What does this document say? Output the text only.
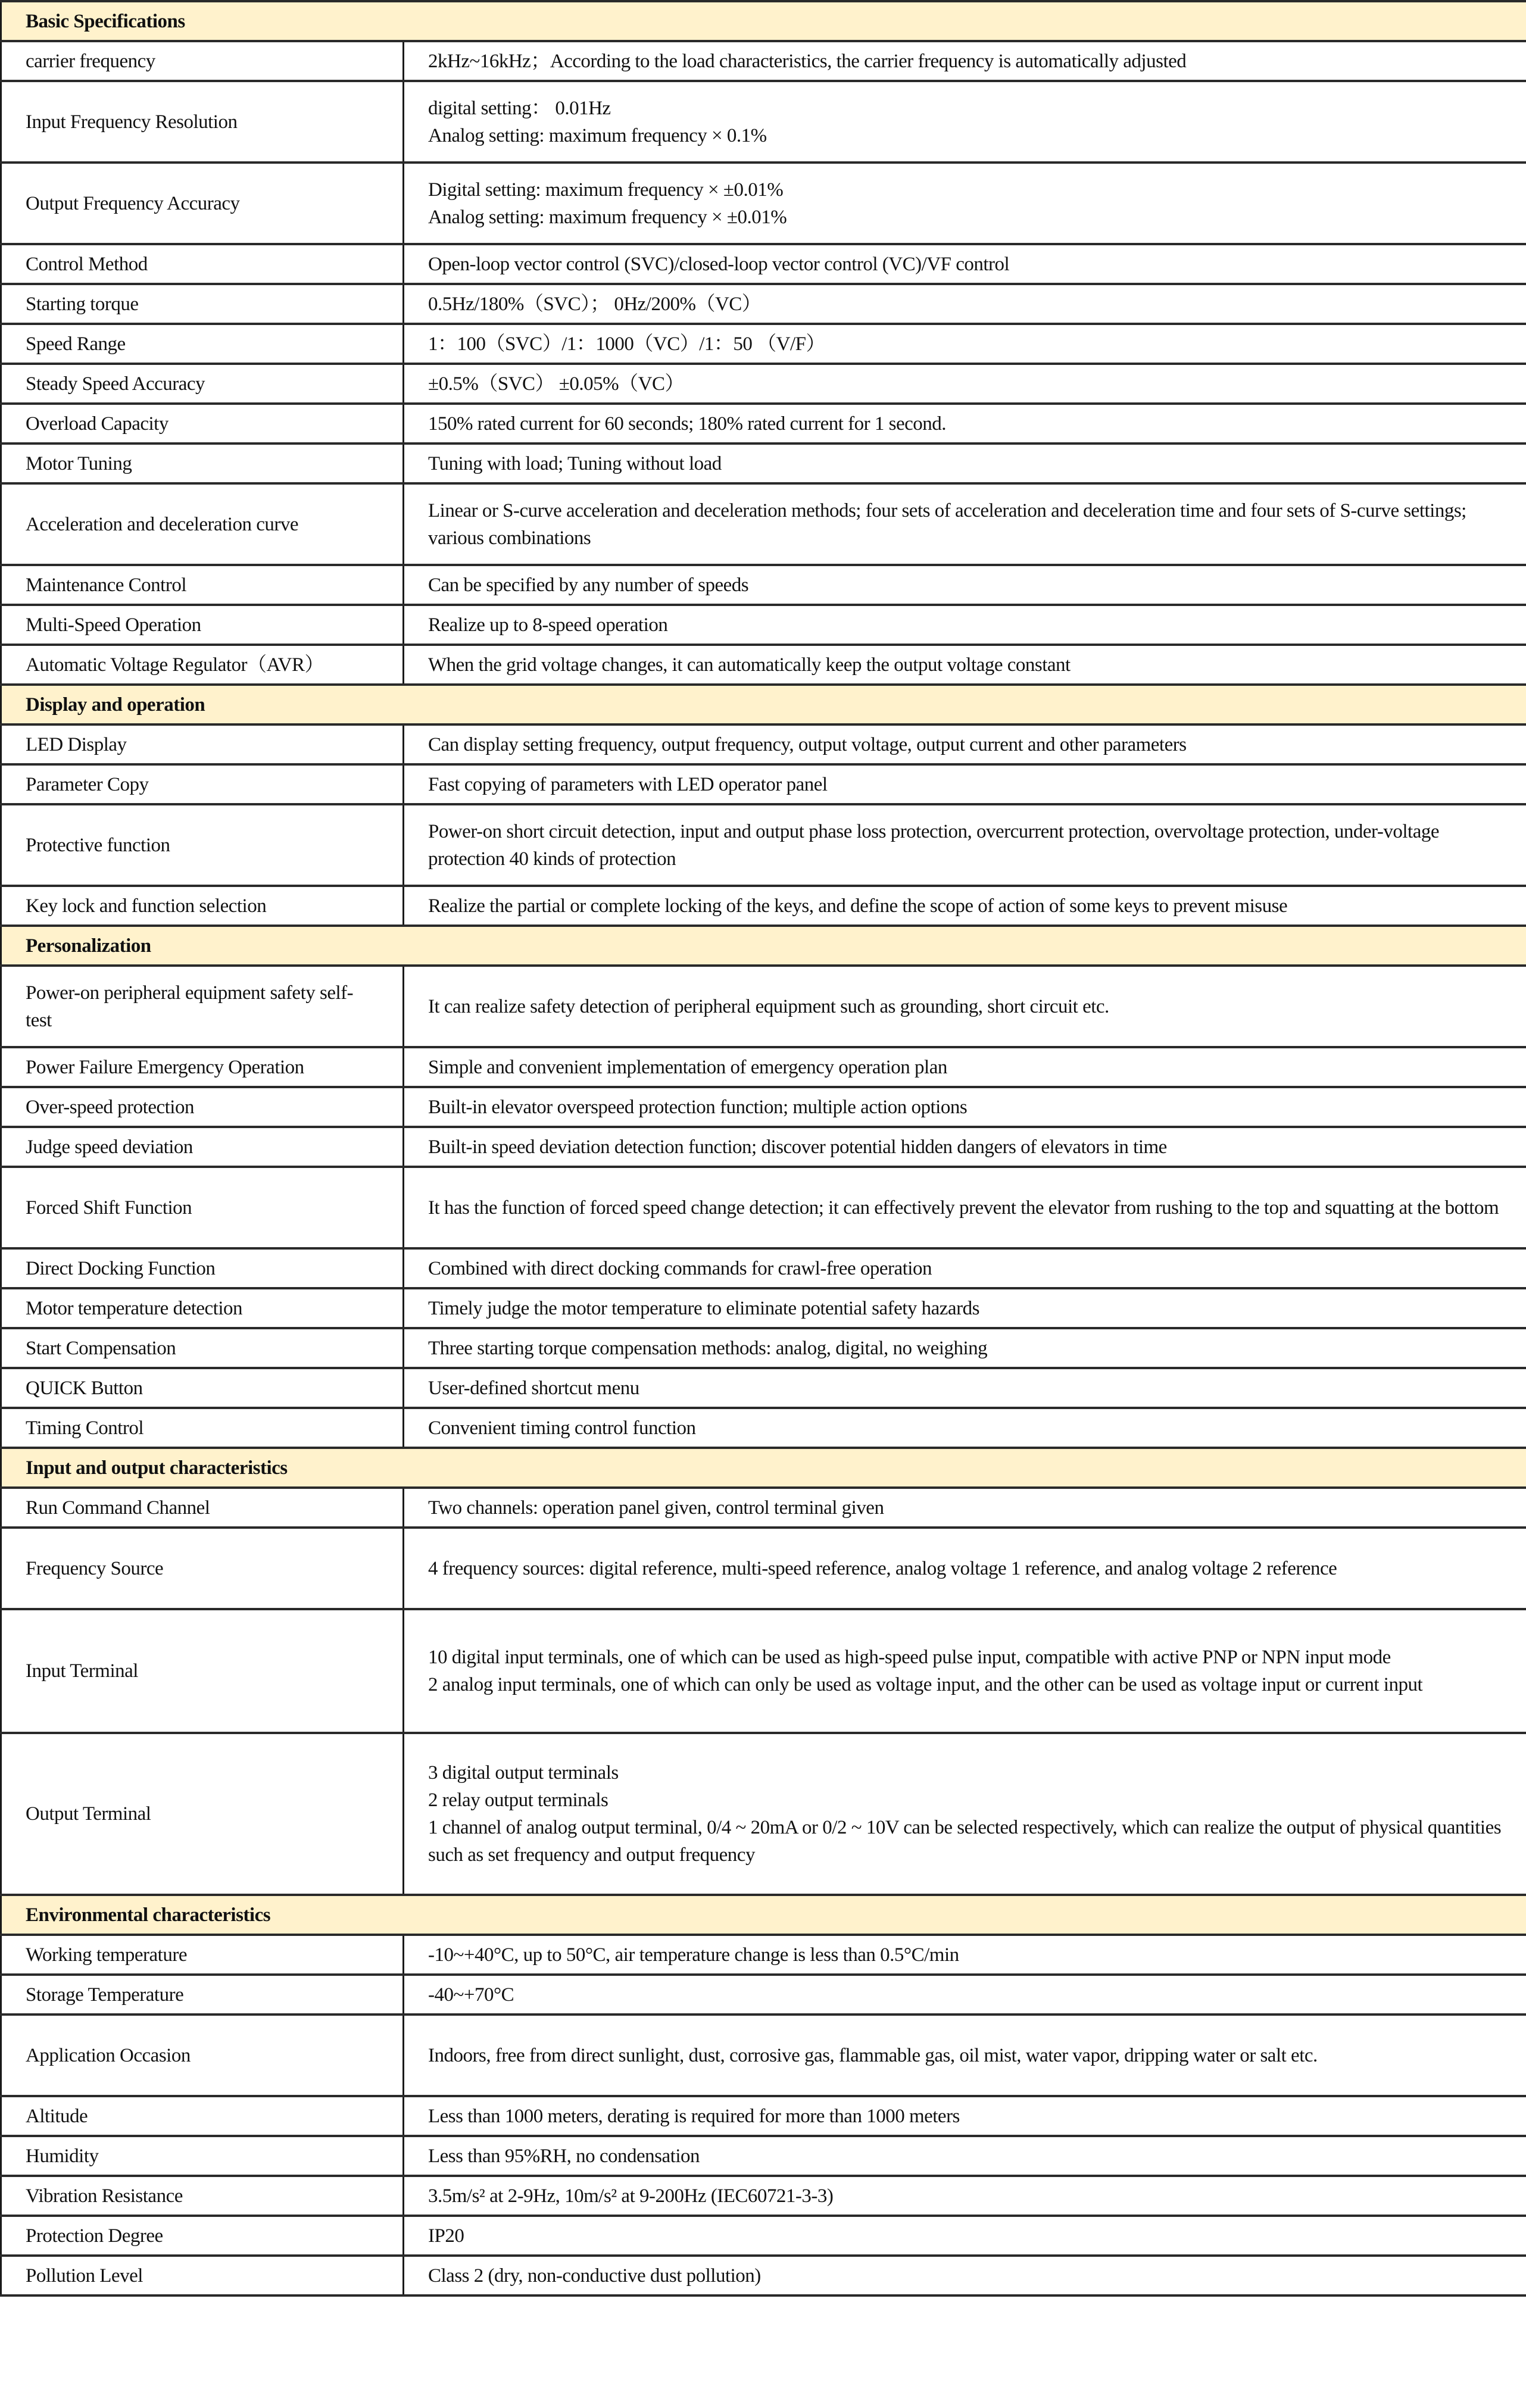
Basic Specifications	
carrier frequency	2kHz~16kHz；According to the load characteristics, the carrier frequency is automatically adjusted

Input Frequency Resolution	digital setting： 0.01Hz
Analog setting: maximum frequency × 0.1%

Output Frequency Accuracy	Digital setting: maximum frequency × ±0.01%
Analog setting: maximum frequency × ±0.01%

Control Method	Open-loop vector control (SVC)/closed-loop vector control (VC)/VF control

Starting torque	0.5Hz/180%（SVC）； 0Hz/200%（VC）

Speed Range	1：100（SVC）/1：1000（VC）/1：50 （V/F）

Steady Speed Accuracy	±0.5%（SVC） ±0.05%（VC）

Overload Capacity	150% rated current for 60 seconds; 180% rated current for 1 second.

Motor Tuning	Tuning with load; Tuning without load

Acceleration and deceleration curve	Linear or S-curve acceleration and deceleration methods; four sets of acceleration and deceleration time and four sets of S-curve settings; various combinations

Maintenance Control	Can be specified by any number of speeds

Multi-Speed Operation	Realize up to 8-speed operation

Automatic Voltage Regulator（AVR）	When the grid voltage changes, it can automatically keep the output voltage constant

Display and operation	
LED Display	Can display setting frequency, output frequency, output voltage, output current and other parameters

Parameter Copy	Fast copying of parameters with LED operator panel

Protective function	Power-on short circuit detection, input and output phase loss protection, overcurrent protection, overvoltage protection, under-voltage protection 40 kinds of protection

Key lock and function selection	Realize the partial or complete locking of the keys, and define the scope of action of some keys to prevent misuse

Personalization	
Power-on peripheral equipment safety self-test	It can realize safety detection of peripheral equipment such as grounding, short circuit etc.

Power Failure Emergency Operation	Simple and convenient implementation of emergency operation plan

Over-speed protection	Built-in elevator overspeed protection function; multiple action options

Judge speed deviation	Built-in speed deviation detection function; discover potential hidden dangers of elevators in time

Forced Shift Function	It has the function of forced speed change detection; it can effectively prevent the elevator from rushing to the top and squatting at the bottom

Direct Docking Function	Combined with direct docking commands for crawl-free operation

Motor temperature detection	Timely judge the motor temperature to eliminate potential safety hazards

Start Compensation	Three starting torque compensation methods: analog, digital, no weighing

QUICK Button	User-defined shortcut menu

Timing Control	Convenient timing control function

Input and output characteristics	
Run Command Channel	Two channels: operation panel given, control terminal given

Frequency Source	4 frequency sources: digital reference, multi-speed reference, analog voltage 1 reference, and analog voltage 2 reference

Input Terminal	10 digital input terminals, one of which can be used as high-speed pulse input, compatible with active PNP or NPN input mode
2 analog input terminals, one of which can only be used as voltage input, and the other can be used as voltage input or current input

Output Terminal	3 digital output terminals
2 relay output terminals
1 channel of analog output terminal, 0/4 ~ 20mA or 0/2 ~ 10V can be selected respectively, which can realize the output of physical quantities such as set frequency and output frequency

Environmental characteristics	
Working temperature	-10~+40°C, up to 50°C, air temperature change is less than 0.5°C/min

Storage Temperature	-40~+70°C

Application Occasion	Indoors, free from direct sunlight, dust, corrosive gas, flammable gas, oil mist, water vapor, dripping water or salt etc.

Altitude	Less than 1000 meters, derating is required for more than 1000 meters

Humidity	Less than 95%RH, no condensation

Vibration Resistance	3.5m/s² at 2-9Hz, 10m/s² at 9-200Hz (IEC60721-3-3)

Protection Degree	IP20

Pollution Level	Class 2 (dry, non-conductive dust pollution)
